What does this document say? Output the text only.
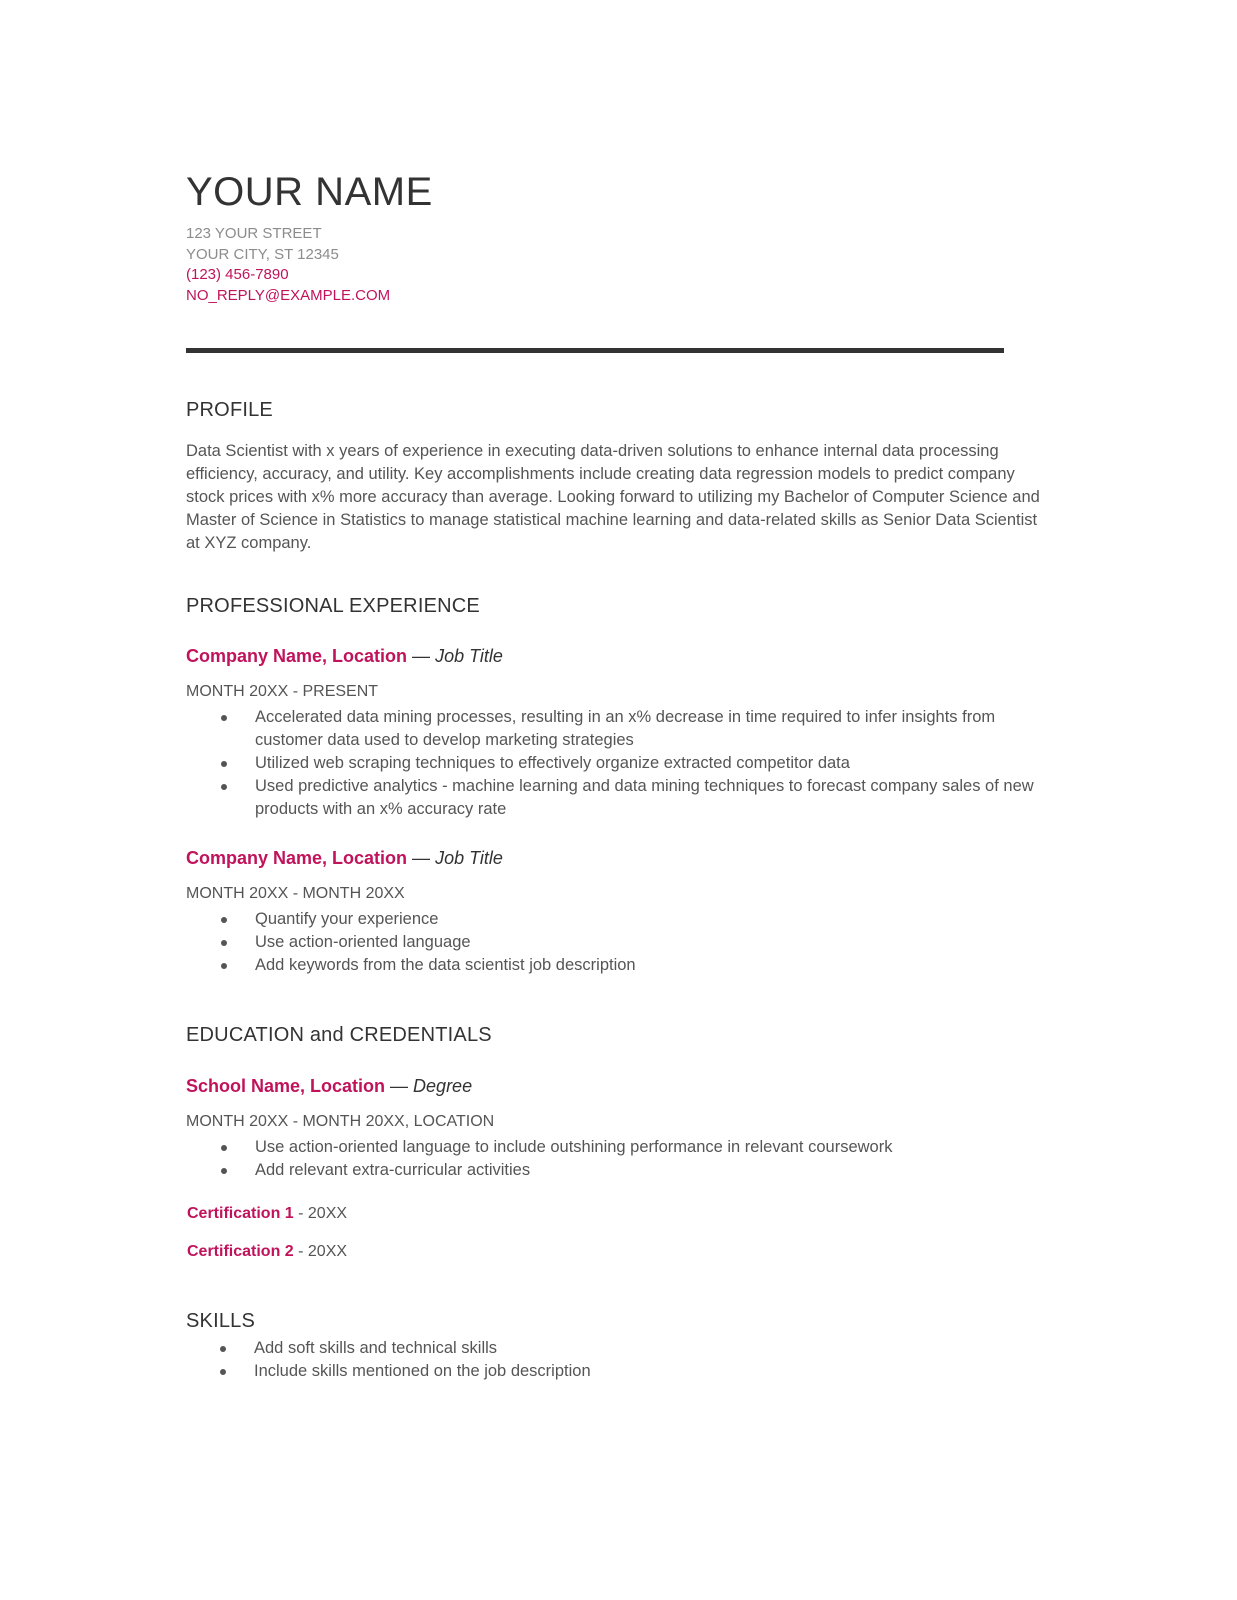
YOUR NAME
123 YOUR STREET
YOUR CITY, ST 12345
(123) 456-7890
NO_REPLY@EXAMPLE.COM
PROFILE
Data Scientist with x years of experience in executing data-driven solutions to enhance internal data processing efficiency, accuracy, and utility. Key accomplishments include creating data regression models to predict company stock prices with x% more accuracy than average. Looking forward to utilizing my Bachelor of Computer Science and Master of Science in Statistics to manage statistical machine learning and data-related skills as Senior Data Scientist at XYZ company.
PROFESSIONAL EXPERIENCE
Company Name, Location — Job Title
MONTH 20XX - PRESENT
Accelerated data mining processes, resulting in an x% decrease in time required to infer insights from customer data used to develop marketing strategies
Utilized web scraping techniques to effectively organize extracted competitor data
Used predictive analytics - machine learning and data mining techniques to forecast company sales of new products with an x% accuracy rate
Company Name, Location — Job Title
MONTH 20XX - MONTH 20XX
Quantify your experience
Use action-oriented language
Add keywords from the data scientist job description
EDUCATION and CREDENTIALS
School Name, Location — Degree
MONTH 20XX - MONTH 20XX, LOCATION
Use action-oriented language to include outshining performance in relevant coursework
Add relevant extra-curricular activities
Certification 1 - 20XX
Certification 2 - 20XX
SKILLS
Add soft skills and technical skills
Include skills mentioned on the job description
